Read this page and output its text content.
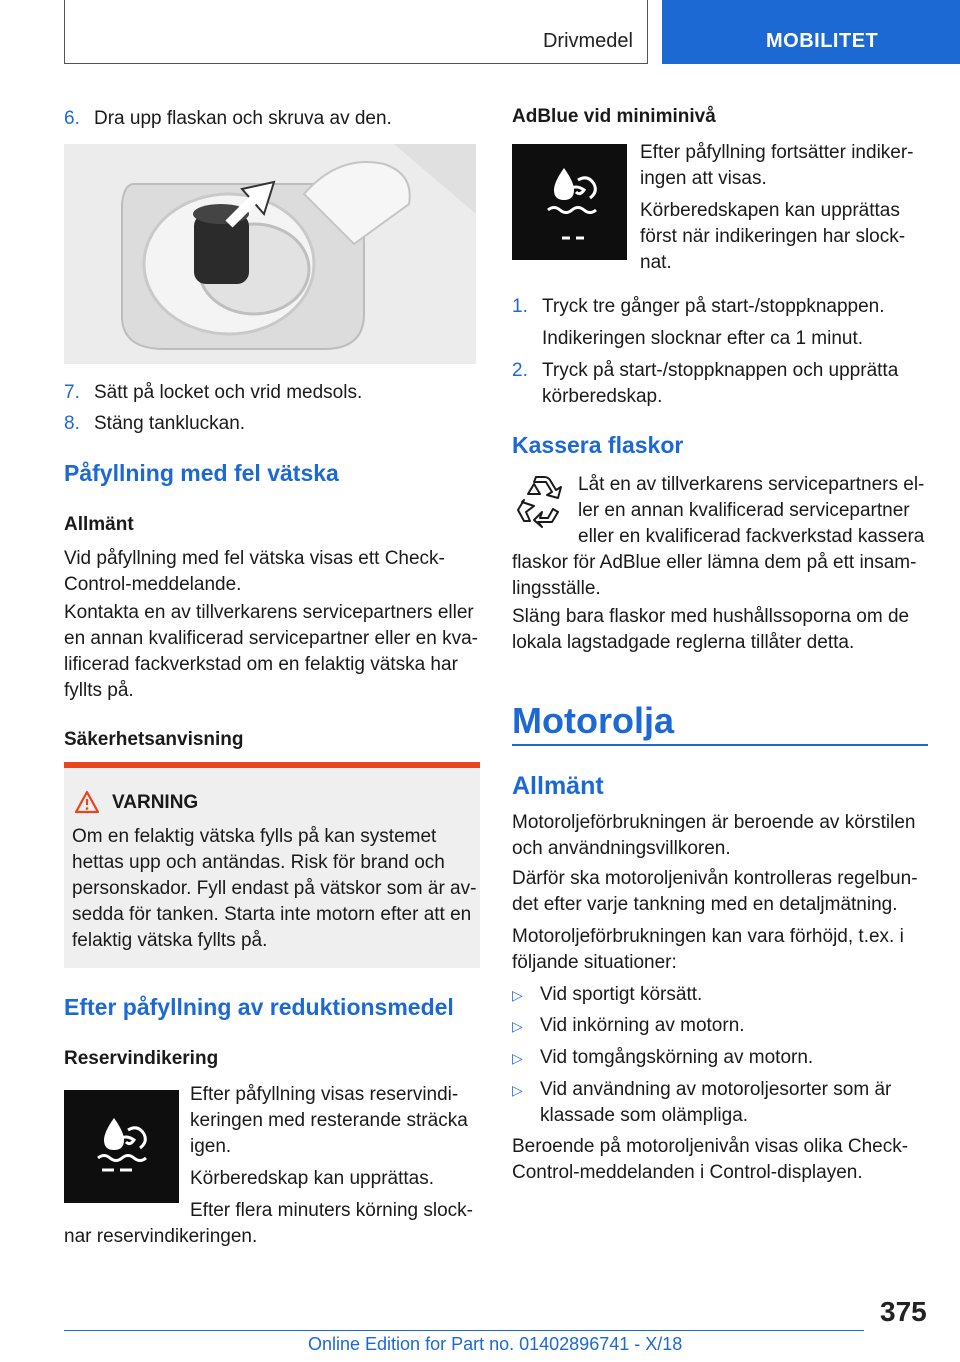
Drivmedel	MOBILITET
6. Dra upp flaskan och skruva av den.
7. Sätt på locket och vrid medsols.
8. Stäng tankluckan.
Påfyllning med fel vätska
Allmänt
Vid påfyllning med fel vätska visas ett Check-
Control-meddelande.
Kontakta en av tillverkarens servicepartners eller
en annan kvalificerad servicepartner eller en kva-
lificerad fackverkstad om en felaktig vätska har
fyllts på.
Säkerhetsanvisning
VARNING
Om en felaktig vätska fylls på kan systemet
hettas upp och antändas. Risk för brand och
personskador. Fyll endast på vätskor som är av-
sedda för tanken. Starta inte motorn efter att en
felaktig vätska fyllts på.
Efter påfyllning av reduktionsmedel
Reservindikering
Efter påfyllning visas reservindi-
keringen med resterande sträcka
igen.
Körberedskap kan upprättas.
Efter flera minuters körning slock-
nar reservindikeringen.
AdBlue vid miniminivå
Efter påfyllning fortsätter indiker-
ingen att visas.
Körberedskapen kan upprättas
först när indikeringen har slock-
nat.
1. Tryck tre gånger på start-/stoppknappen.
Indikeringen slocknar efter ca 1 minut.
2. Tryck på start-/stoppknappen och upprätta
körberedskap.
Kassera flaskor
Låt en av tillverkarens servicepartners el-
ler en annan kvalificerad servicepartner
eller en kvalificerad fackverkstad kassera
flaskor för AdBlue eller lämna dem på ett insam-
lingsställe.
Släng bara flaskor med hushållssoporna om de
lokala lagstadgade reglerna tillåter detta.
Motorolja
Allmänt
Motoroljeförbrukningen är beroende av körstilen
och användningsvillkoren.
Därför ska motoroljenivån kontrolleras regelbun-
det efter varje tankning med en detaljmätning.
Motoroljeförbrukningen kan vara förhöjd, t.ex. i
följande situationer:
▷ Vid sportigt körsätt.
▷ Vid inkörning av motorn.
▷ Vid tomgångskörning av motorn.
▷ Vid användning av motoroljesorter som är
klassade som olämpliga.
Beroende på motoroljenivån visas olika Check-
Control-meddelanden i Control-displayen.
375
Online Edition for Part no. 01402896741 - X/18
